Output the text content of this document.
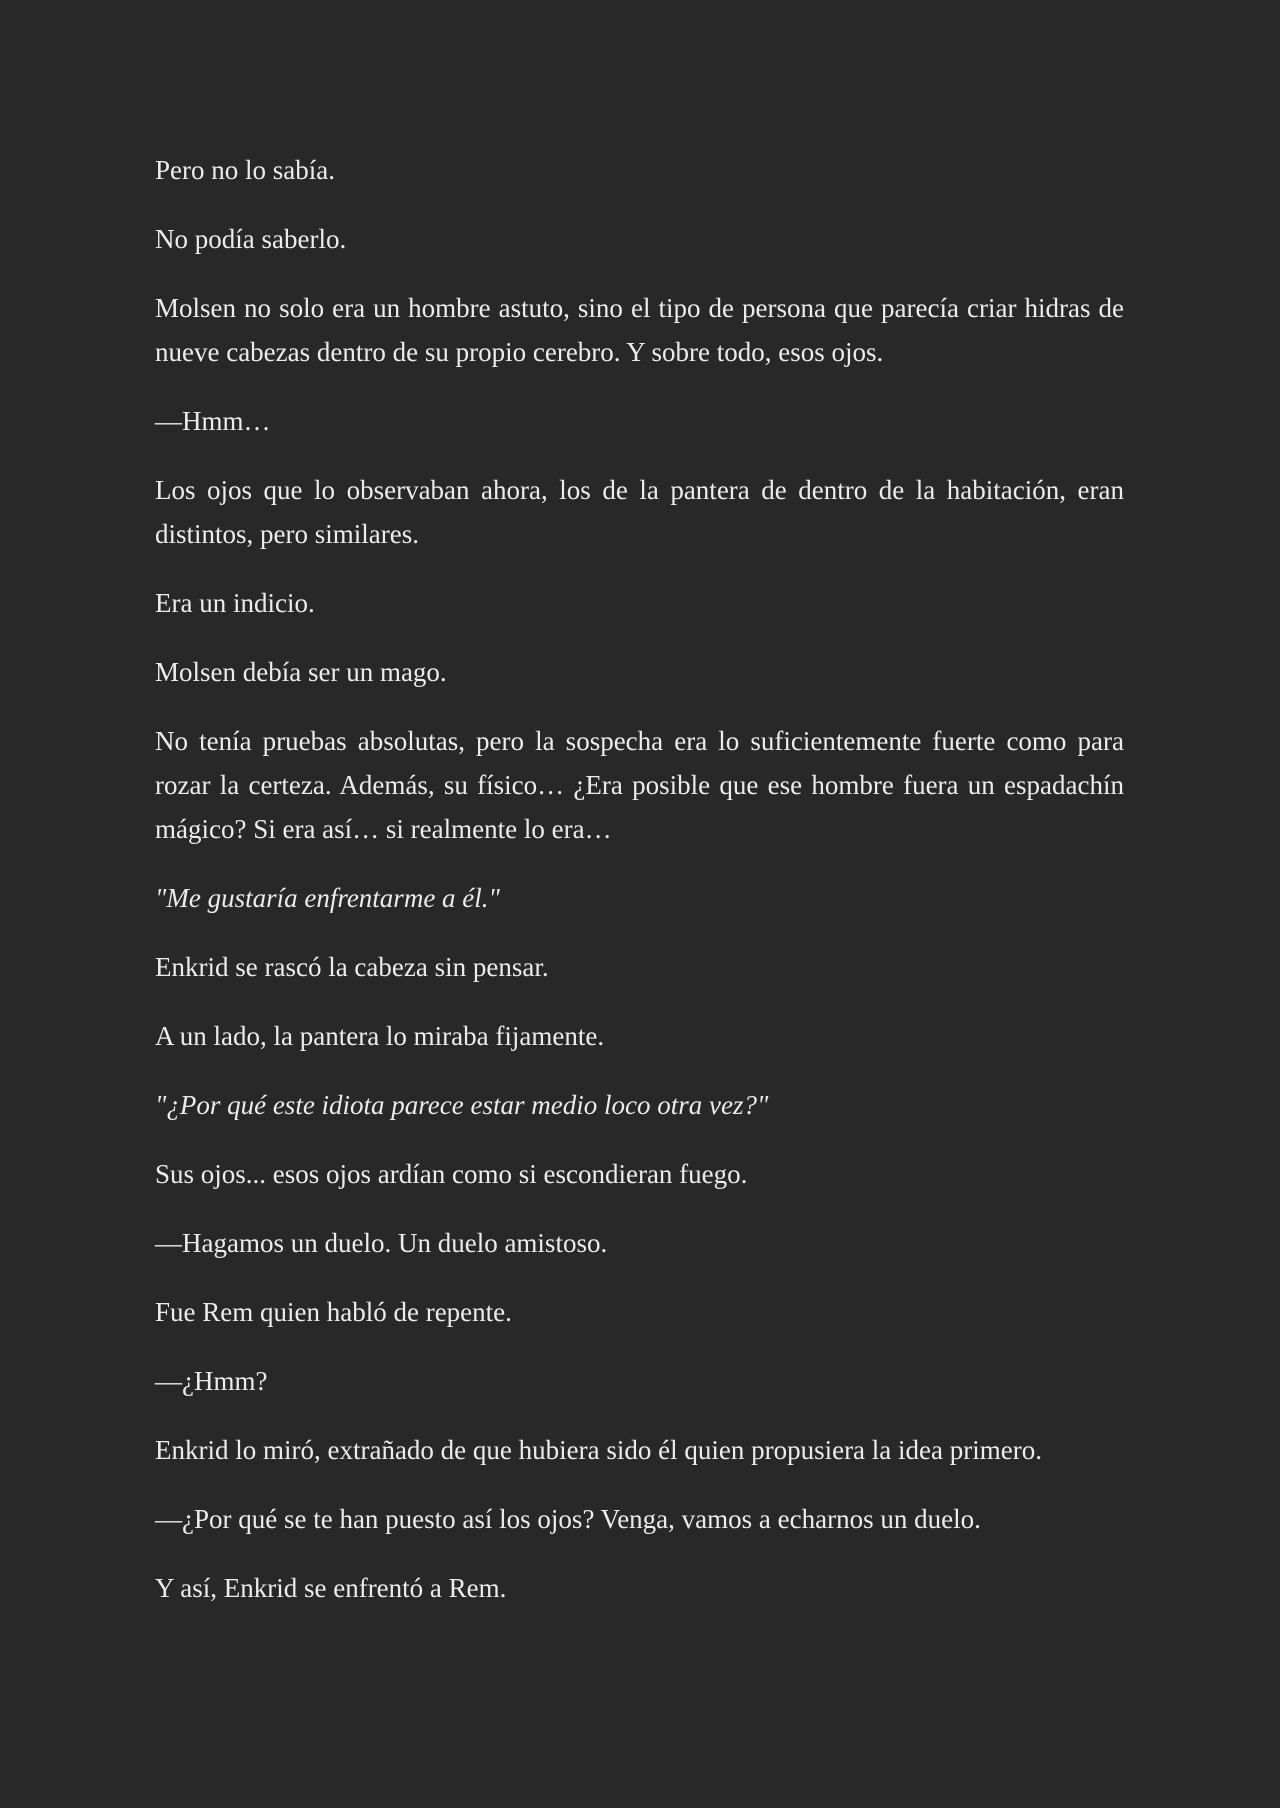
Pero no lo sabía.

No podía saberlo.

Molsen no solo era un hombre astuto, sino el tipo de persona que parecía criar hidras de nueve cabezas dentro de su propio cerebro. Y sobre todo, esos ojos.

—Hmm…

Los ojos que lo observaban ahora, los de la pantera de dentro de la habitación, eran distintos, pero similares.

Era un indicio.

Molsen debía ser un mago.

No tenía pruebas absolutas, pero la sospecha era lo suficientemente fuerte como para rozar la certeza. Además, su físico… ¿Era posible que ese hombre fuera un espadachín mágico? Si era así… si realmente lo era…

"Me gustaría enfrentarme a él."

Enkrid se rascó la cabeza sin pensar.

A un lado, la pantera lo miraba fijamente.

"¿Por qué este idiota parece estar medio loco otra vez?"

Sus ojos... esos ojos ardían como si escondieran fuego.

—Hagamos un duelo. Un duelo amistoso.

Fue Rem quien habló de repente.

—¿Hmm?

Enkrid lo miró, extrañado de que hubiera sido él quien propusiera la idea primero.

—¿Por qué se te han puesto así los ojos? Venga, vamos a echarnos un duelo.

Y así, Enkrid se enfrentó a Rem.
